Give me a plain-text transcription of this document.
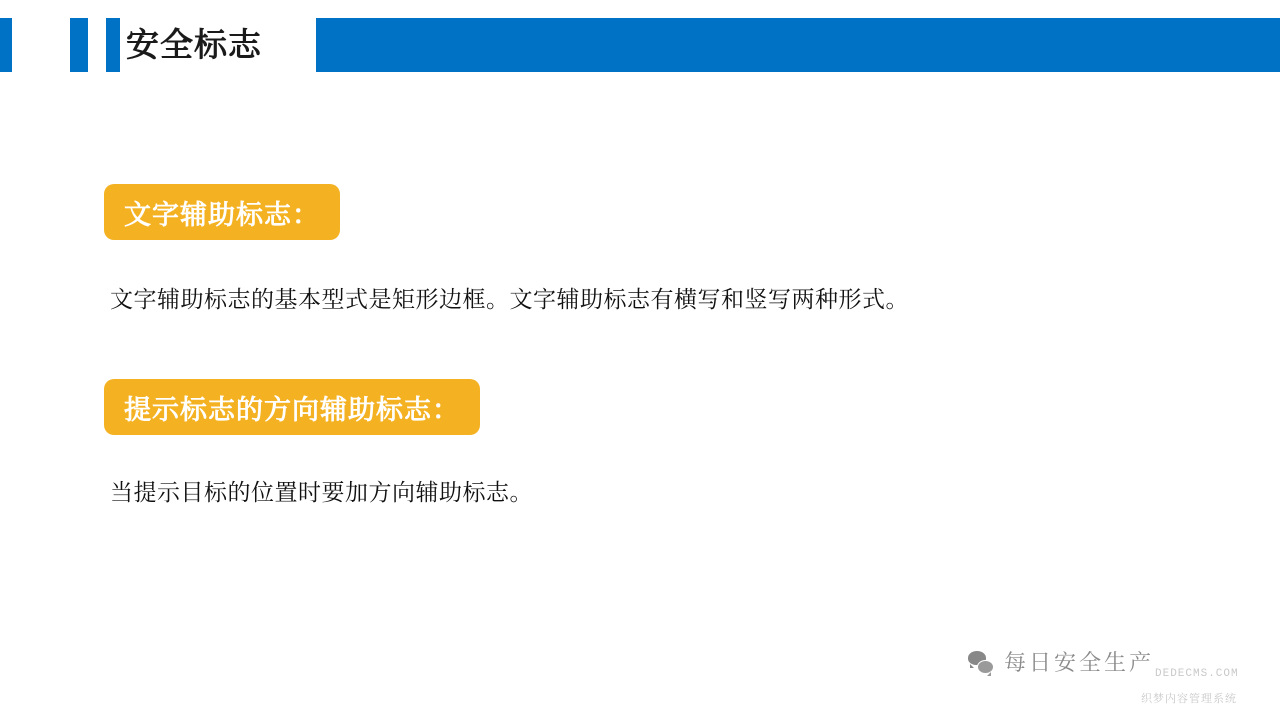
安全标志
文字辅助标志：
文字辅助标志的基本型式是矩形边框。文字辅助标志有横写和竖写两种形式。
提示标志的方向辅助标志：
当提示目标的位置时要加方向辅助标志。
每日安全生产 DEDECMS.COM
织梦内容管理系统
